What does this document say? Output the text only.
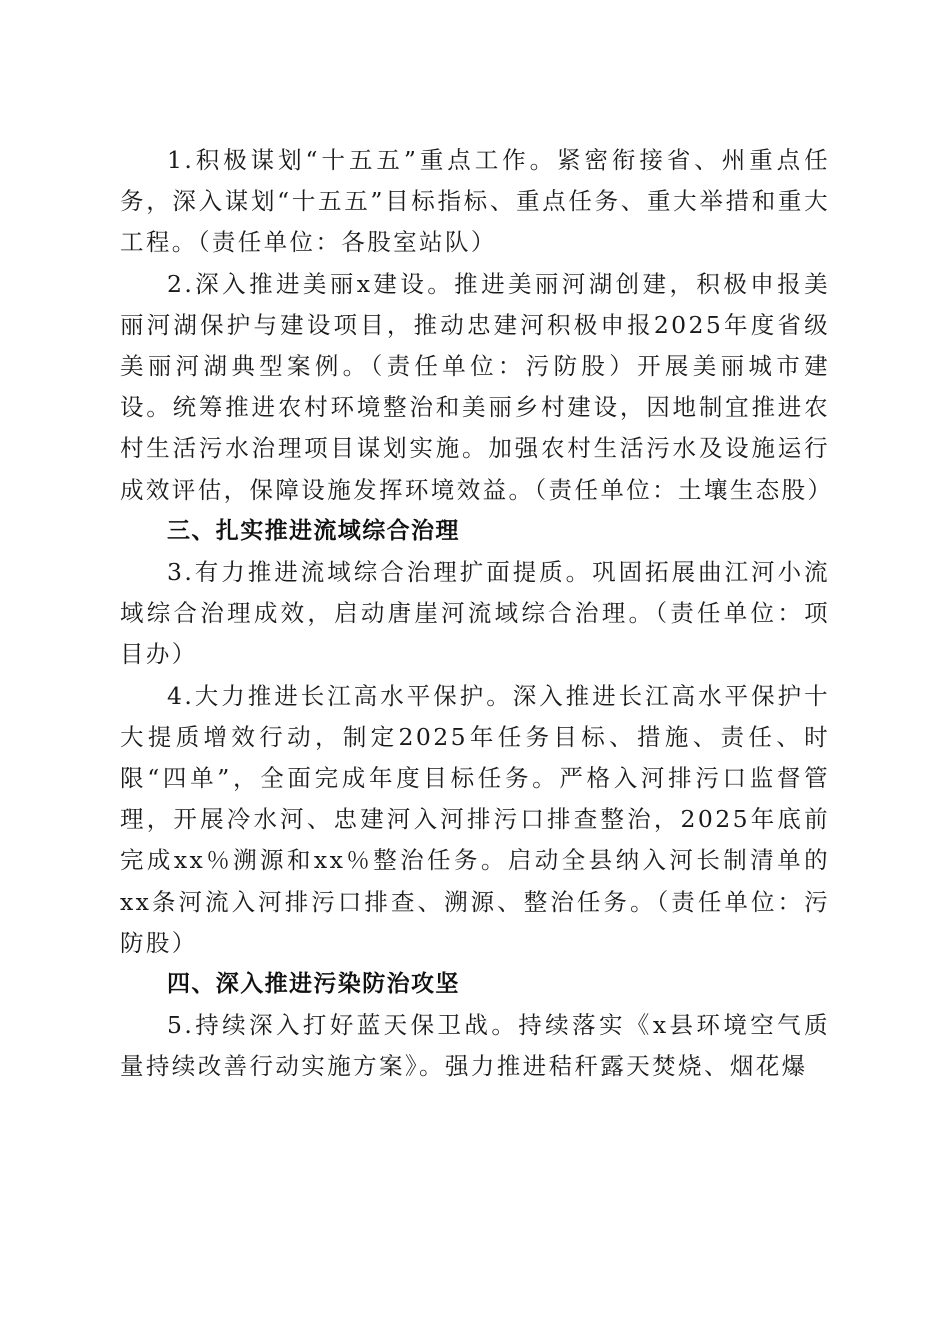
1.积极谋划“十五五”重点工作。紧密衔接省、州重点任务，深入谋划“十五五”目标指标、重点任务、重大举措和重大工程。（责任单位：各股室站队）

2.深入推进美丽x建设。推进美丽河湖创建，积极申报美丽河湖保护与建设项目，推动忠建河积极申报2025年度省级美丽河湖典型案例。（责任单位：污防股）开展美丽城市建设。统筹推进农村环境整治和美丽乡村建设，因地制宜推进农村生活污水治理项目谋划实施。加强农村生活污水及设施运行成效评估，保障设施发挥环境效益。（责任单位：土壤生态股）

三、扎实推进流域综合治理

3.有力推进流域综合治理扩面提质。巩固拓展曲江河小流域综合治理成效，启动唐崖河流域综合治理。（责任单位：项目办）

4.大力推进长江高水平保护。深入推进长江高水平保护十大提质增效行动，制定2025年任务目标、措施、责任、时限“四单”，全面完成年度目标任务。严格入河排污口监督管理，开展冷水河、忠建河入河排污口排查整治，2025年底前完成xx％溯源和xx％整治任务。启动全县纳入河长制清单的xx条河流入河排污口排查、溯源、整治任务。（责任单位：污防股）

四、深入推进污染防治攻坚

5.持续深入打好蓝天保卫战。持续落实《x县环境空气质量持续改善行动实施方案》。强力推进秸秆露天焚烧、烟花爆
